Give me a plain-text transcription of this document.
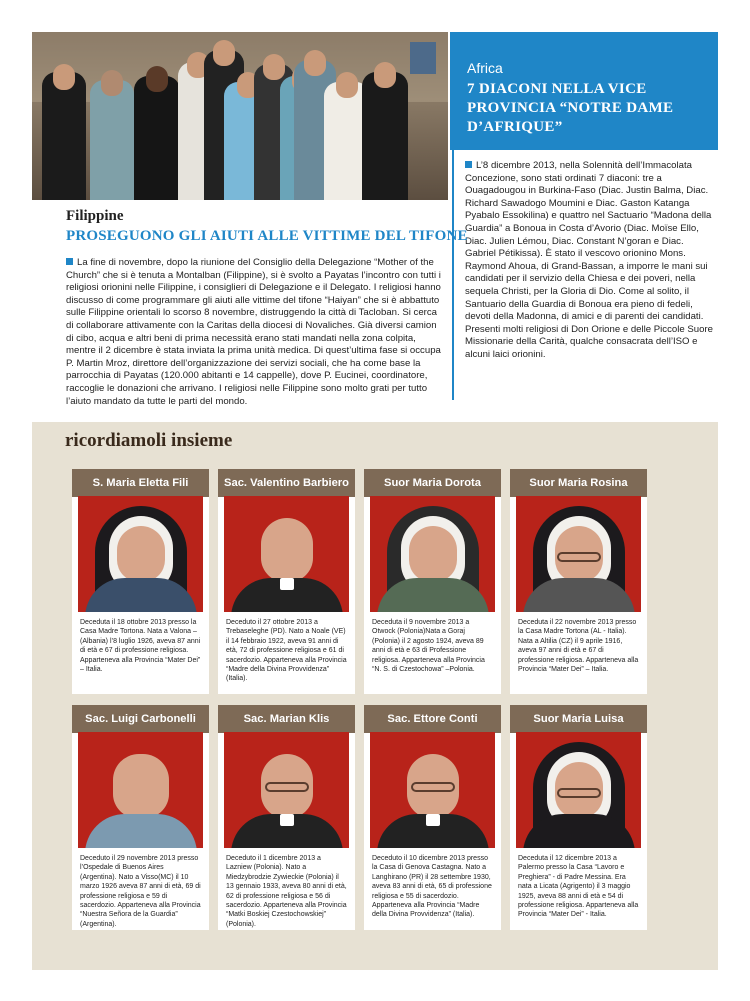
Africa
7 DIACONI NELLA VICE PROVINCIA “NOTRE DAME D’AFRIQUE”
L’8 dicembre 2013, nella Solennità dell’Immacolata Concezione, sono stati ordinati 7 diaconi: tre a Ouagadougou in Burkina-Faso (Diac. Justin Balma, Diac. Richard Sawadogo Moumini e Diac. Gaston Katanga Pyabalo Essokilina) e quattro nel Sactuario “Madona della Guardia” a Bonoua in Costa d’Avorio (Diac. Moïse Ello, Diac. Julien Lémou, Diac. Constant N’goran e Diac. Gabriel Pétikissa). È stato il vescovo orionino Mons. Raymond Ahoua, di Grand-Bassan, a imporre le mani sui candidati per il servizio della Chiesa e dei poveri, nella sequela Christi, per la Gloria di Dio. Come al solito, il Santuario della Guardia di Bonoua era pieno di fedeli, devoti della Madonna, di amici e di parenti dei candidati. Presenti molti religiosi di Don Orione e delle Piccole Suore Missionarie della Carità, qualche consacrata dell’ISO e alcuni laici orionini.
Filippine
PROSEGUONO GLI AIUTI ALLE VITTIME DEL TIFONE
La fine di novembre, dopo la riunione del Consiglio della Delegazione “Mother of the Church” che si è tenuta a Montalban (Filippine), si è svolto a Payatas l’incontro con tutti i religiosi orionini nelle Filippine, i consiglieri di Delegazione e il Delegato. I religiosi hanno discusso di come programmare gli aiuti alle vittime del tifone “Haiyan” che si è abbattuto sulle Filippine orientali lo scorso 8 novembre, distruggendo la città di Tacloban. Si cerca di collaborare attivamente con la Caritas della diocesi di Novaliches. Già diversi camion di cibo, acqua e altri beni di prima necessità erano stati mandati nella zona colpita, mentre il 2 dicembre è stata inviata la prima unità medica. Di quest’ultima fase si occupa P. Martin Mroz, direttore dell’organizzazione dei servizi sociali, che ha come base la parrocchia di Payatas (120.000 abitanti e 14 cappelle), dove P. Eucinei, coordinatore, raccoglie le donazioni che arrivano. I religiosi nelle Filippine sono molto grati per tutto l’aiuto mandato da tutte le parti del mondo.
ricordiamoli insieme
S. Maria Eletta Fili
Deceduta il 18 ottobre 2013 presso la Casa Madre Tortona. Nata a Valona – (Albania) l’8 luglio 1926, aveva 87 anni di età e 67 di professione religiosa. Apparteneva alla Provincia “Mater Dei” – Italia.
Sac. Valentino Barbiero
Deceduto il 27 ottobre 2013 a Trebaseleghe (PD). Nato a Noale (VE) il 14 febbraio 1922, aveva 91 anni di età, 72 di professione religiosa e 61 di sacerdozio. Apparteneva alla Provincia “Madre della Divina Provvidenza” (Italia).
Suor Maria Dorota
Deceduta il 9 novembre 2013 a Otwock (Polonia)Nata a Goraj (Polonia) il 2 agosto 1924, aveva 89 anni di età e 63 di Professione religiosa. Apparteneva alla Provincia “N. S. di Czestochowa” –Polonia.
Suor Maria Rosina
Deceduta il 22 novembre 2013 presso la Casa Madre Tortona (AL - Italia). Nata a Altilia (CZ) il 9 aprile 1916, aveva 97 anni di età e 67 di professione religiosa. Apparteneva alla Provincia “Mater Dei” – Italia.
Sac. Luigi Carbonelli
Deceduto il 29 novembre 2013 presso l’Ospedale di Buenos Aires (Argentina). Nato a Visso(MC) il 10 marzo 1926 aveva 87 anni di età, 69 di professione religiosa e 59 di sacerdozio. Apparteneva alla Provincia “Nuestra Señora de la Guardia” (Argentina).
Sac. Marian Klis
Deceduto il 1 dicembre 2013 a Lazniew (Polonia). Nato a Miedzybrodzie Zywieckie (Polonia) il 13 gennaio 1933, aveva 80 anni di età, 62 di professione religiosa e 56 di sacerdozio. Apparteneva alla Provincia “Matki Boskiej Czestochowskiej” (Polonia).
Sac. Ettore Conti
Deceduto il 10 dicembre 2013 presso la Casa di Genova Castagna. Nato a Langhirano (PR) il 28 settembre 1930, aveva 83 anni di età, 65 di professione religiosa e 55 di sacerdozio. Apparteneva alla Provincia “Madre della Divina Provvidenza” (Italia).
Suor Maria Luisa
Deceduta il 12 dicembre 2013 a Palermo presso la Casa “Lavoro e Preghiera” - di Padre Messina. Era nata a Licata (Agrigento) il 3 maggio 1925, aveva 88 anni di età e 54 di professione religiosa. Apparteneva alla Provincia “Mater Dei” - Italia.
